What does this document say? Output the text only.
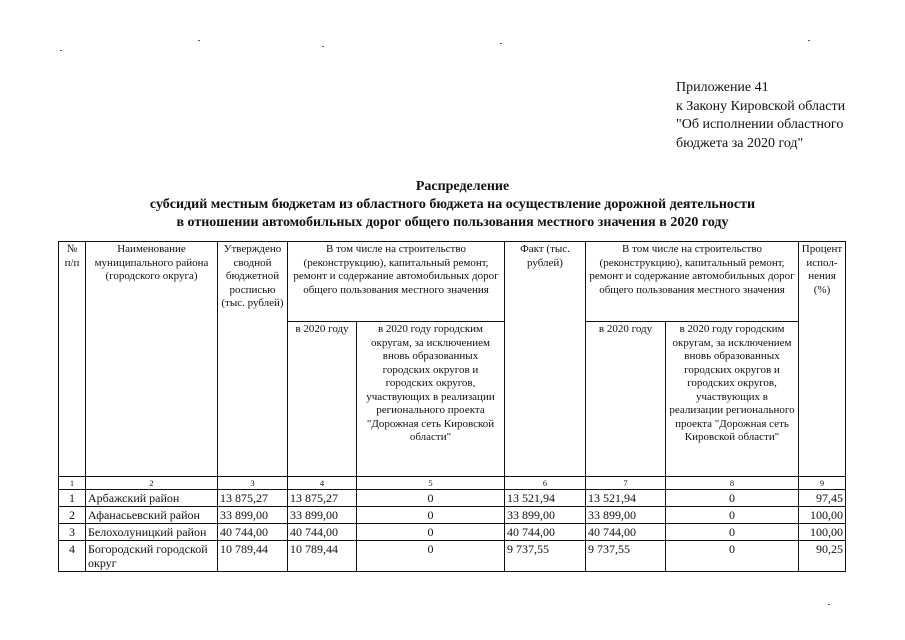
Приложение 41
к Закону Кировской области
"Об исполнении областного
бюджета за 2020 год"
Распределение
субсидий местным бюджетам из областного бюджета на осуществление дорожной деятельности
в отношении автомобильных дорог общего пользования местного значения в 2020 году
№ п/п	Наименование муниципального района (городского округа)	Утверждено сводной бюджетной росписью (тыс. рублей)	В том числе на строительство (реконструкцию), капитальный ремонт, ремонт и содержание автомобильных дорог общего пользования местного значения		Факт (тыс. рублей)	В том числе на строительство (реконструкцию), капитальный ремонт, ремонт и содержание автомобильных дорог общего пользования местного значения		Процент испол-нения (%)
			в 2020 году	в 2020 году городским округам, за исключением вновь образованных городских округов и городских округов, участвующих в реализации регионального проекта "Дорожная сеть Кировской области"		в 2020 году	в 2020 году городским округам, за исключением вновь образованных городских округов и городских округов, участвующих в реализации регионального проекта "Дорожная сеть Кировской области"	
1	2	3	4	5	6	7	8	9
1	Арбажский район	13 875,27	13 875,27	0	13 521,94	13 521,94	0	97,45
2	Афанасьевский район	33 899,00	33 899,00	0	33 899,00	33 899,00	0	100,00
3	Белохолуницкий район	40 744,00	40 744,00	0	40 744,00	40 744,00	0	100,00
4	Богородский городской округ	10 789,44	10 789,44	0	9 737,55	9 737,55	0	90,25
